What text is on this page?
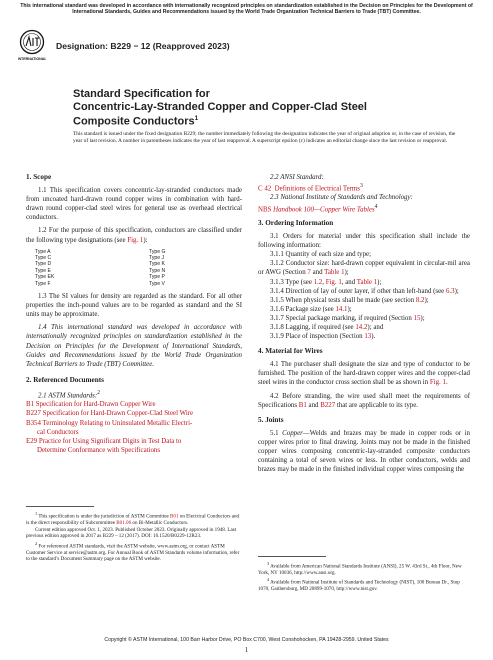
This international standard was developed in accordance with internationally recognized principles on standardization established in the Decision on Principles for the Development of International Standards, Guides and Recommendations issued by the World Trade Organization Technical Barriers to Trade (TBT) Committee.
INTERNATIONAL
Designation: B229 − 12 (Reapproved 2023)
Standard Specification for
Concentric-Lay-Stranded Copper and Copper-Clad Steel
Composite Conductors$^1$
This standard is issued under the fixed designation B229; the number immediately following the designation indicates the year of original adoption or, in the case of revision, the year of last revision. A number in parentheses indicates the year of last reapproval. A superscript epsilon (ε) indicates an editorial change since the last revision or reapproval.
1. Scope

1.1 This specification covers concentric-lay-stranded conductors made from uncoated hard-drawn round copper wires in combination with hard-drawn round copper-clad steel wires for general use as overhead electrical conductors.

1.2 For the purpose of this specification, conductors are classified under the following type designations (see Fig. 1):

Type A
Type C
Type D
Type E
Type EK
Type F
Type G
Type J
Type K
Type N
Type P
Type V

1.3 The SI values for density are regarded as the standard. For all other properties the inch-pound values are to be regarded as standard and the SI units may be approximate.

1.4 This international standard was developed in accordance with internationally recognized principles on standardization established in the Decision on Principles for the Development of International Standards, Guides and Recommendations issued by the World Trade Organization Technical Barriers to Trade (TBT) Committee.

2. Referenced Documents

2.1 ASTM Standards:$^2$

B1 Specification for Hard-Drawn Copper Wire
B227 Specification for Hard-Drawn Copper-Clad Steel Wire
B354 Terminology Relating to Uninsulated Metallic Electri-
cal Conductors
E29 Practice for Using Significant Digits in Test Data to
Determine Conformance with Specifications

$^1$ This specification is under the jurisdiction of ASTM Committee B01 on Electrical Conductors and is the direct responsibility of Subcommittee B01.06 on Bi-Metallic Conductors.

Current edition approved Oct. 1, 2023. Published October 2023. Originally approved in 1948. Last previous edition approved in 2017 as B229 – 12 (2017). DOI: 10.1520/B0229-12R23.

$^2$ For referenced ASTM standards, visit the ASTM website, www.astm.org, or contact ASTM Customer Service at service@astm.org. For Annual Book of ASTM Standards volume information, refer to the standard’s Document Summary page on the ASTM website.

2.2 ANSI Standard:

C 42 Definitions of Electrical Terms$^3$

2.3 National Institute of Standards and Technology:

NBS Handbook 100—Copper Wire Tables$^4$
3. Ordering Information

3.1 Orders for material under this specification shall include the following information:

3.1.1 Quantity of each size and type;

3.1.2 Conductor size: hard-drawn copper equivalent in circular-mil area or AWG (Section 7 and Table 1);

3.1.3 Type (see 1.2, Fig. 1, and Table 1);

3.1.4 Direction of lay of outer layer, if other than left-hand (see 6.3);

3.1.5 When physical tests shall be made (see section 8.2);

3.1.6 Package size (see 14.1);

3.1.7 Special package marking, if required (Section 15);

3.1.8 Lagging, if required (see 14.2); and

3.1.9 Place of inspection (Section 13).

4. Material for Wires

4.1 The purchaser shall designate the size and type of conductor to be furnished. The position of the hard-drawn copper wires and the copper-clad steel wires in the conductor cross section shall be as shown in Fig. 1.

4.2 Before stranding, the wire used shall meet the requirements of Specifications B1 and B227 that are applicable to its type.

5. Joints

5.1 Copper—Welds and brazes may be made in copper rods or in copper wires prior to final drawing. Joints may not be made in the finished copper wires composing concentric-lay-stranded composite conductors containing a total of seven wires or less. In other conductors, welds and brazes may be made in the finished individual copper wires composing the

$^3$ Available from American National Standards Institute (ANSI), 25 W. 43rd St., 4th Floor, New York, NY 10036, http://www.ansi.org.

$^4$ Available from National Institute of Standards and Technology (NIST), 100 Bureau Dr., Stop 1070, Gaithersburg, MD 20899-1070, http://www.nist.gov.

Copyright © ASTM International, 100 Barr Harbor Drive, PO Box C700, West Conshohocken, PA 19428-2959. United States
1
